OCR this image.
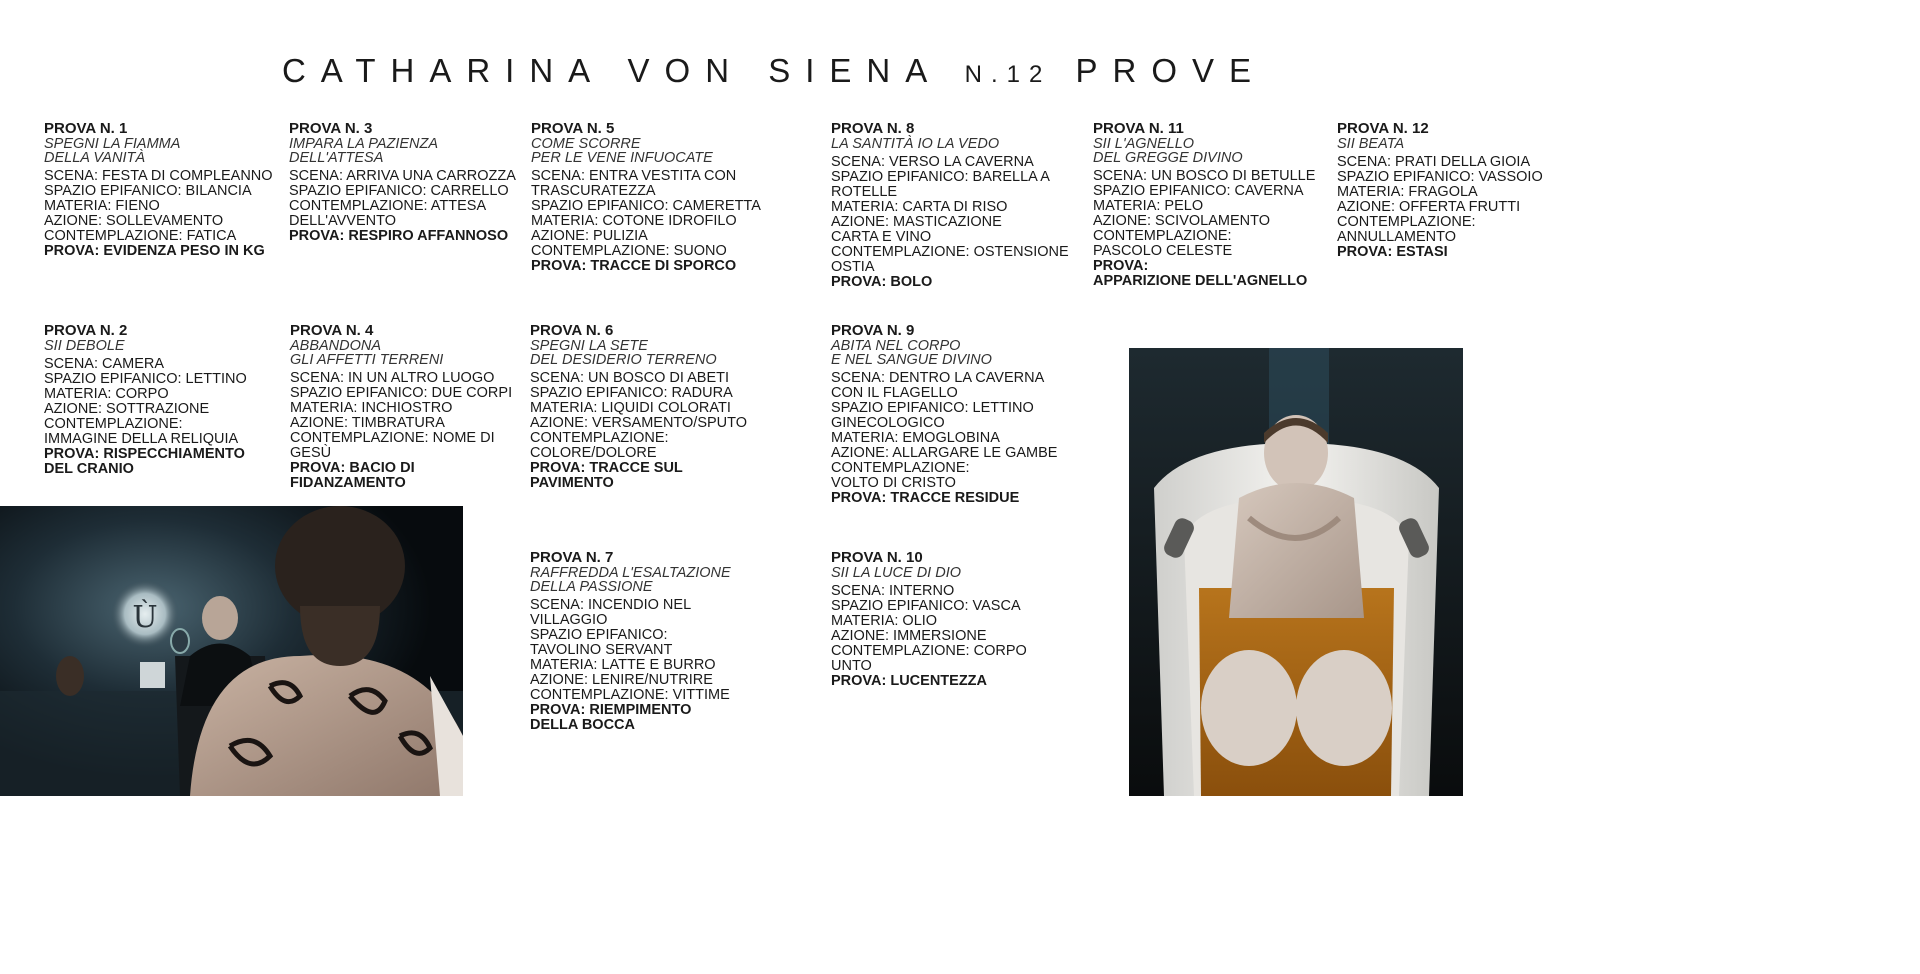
CATHARINA VON SIENA N.12 PROVE
PROVA N. 1
SPEGNI LA FIAMMA
DELLA VANITÀ
SCENA: FESTA DI COMPLEANNO
SPAZIO EPIFANICO: BILANCIA
MATERIA: FIENO
AZIONE: SOLLEVAMENTO
CONTEMPLAZIONE: FATICA
PROVA: EVIDENZA PESO IN KG
PROVA N. 2
SII DEBOLE
SCENA: CAMERA
SPAZIO EPIFANICO: LETTINO
MATERIA: CORPO
AZIONE: SOTTRAZIONE
CONTEMPLAZIONE:
IMMAGINE DELLA RELIQUIA
PROVA: RISPECCHIAMENTO
DEL CRANIO
PROVA N. 3
IMPARA LA PAZIENZA
DELL'ATTESA
SCENA: ARRIVA UNA CARROZZA
SPAZIO EPIFANICO: CARRELLO
CONTEMPLAZIONE: ATTESA
DELL'AVVENTO
PROVA: RESPIRO AFFANNOSO
PROVA N. 4
ABBANDONA
GLI AFFETTI TERRENI
SCENA: IN UN ALTRO LUOGO
SPAZIO EPIFANICO: DUE CORPI
MATERIA: INCHIOSTRO
AZIONE: TIMBRATURA
CONTEMPLAZIONE: NOME DI GESÙ
PROVA: BACIO DI FIDANZAMENTO
PROVA N. 5
COME SCORRE
PER LE VENE INFUOCATE
SCENA: ENTRA VESTITA CON
TRASCURATEZZA
SPAZIO EPIFANICO: CAMERETTA
MATERIA: COTONE IDROFILO
AZIONE: PULIZIA
CONTEMPLAZIONE: SUONO
PROVA: TRACCE DI SPORCO
PROVA N. 6
SPEGNI LA SETE
DEL DESIDERIO TERRENO
SCENA: UN BOSCO DI ABETI
SPAZIO EPIFANICO: RADURA
MATERIA: LIQUIDI COLORATI
AZIONE: VERSAMENTO/SPUTO
CONTEMPLAZIONE: COLORE/DOLORE
PROVA: TRACCE SUL PAVIMENTO
PROVA N. 7
RAFFREDDA L'ESALTAZIONE
DELLA PASSIONE
SCENA: INCENDIO NEL VILLAGGIO
SPAZIO EPIFANICO:
TAVOLINO SERVANT
MATERIA: LATTE E BURRO
AZIONE: LENIRE/NUTRIRE
CONTEMPLAZIONE: VITTIME
PROVA: RIEMPIMENTO
DELLA BOCCA
PROVA N. 8
LA SANTITÀ IO LA VEDO
SCENA: VERSO LA CAVERNA
SPAZIO EPIFANICO: BARELLA A
ROTELLE
MATERIA: CARTA DI RISO
AZIONE: MASTICAZIONE
CARTA E VINO
CONTEMPLAZIONE: OSTENSIONE
OSTIA
PROVA: BOLO
PROVA N. 9
ABITA NEL CORPO
E NEL SANGUE DIVINO
SCENA: DENTRO LA CAVERNA
CON IL FLAGELLO
SPAZIO EPIFANICO: LETTINO
GINECOLOGICO
MATERIA: EMOGLOBINA
AZIONE: ALLARGARE LE GAMBE
CONTEMPLAZIONE:
VOLTO DI CRISTO
PROVA: TRACCE RESIDUE
PROVA N. 10
SII LA LUCE DI DIO
SCENA: INTERNO
SPAZIO EPIFANICO: VASCA
MATERIA: OLIO
AZIONE: IMMERSIONE
CONTEMPLAZIONE: CORPO UNTO
PROVA: LUCENTEZZA
PROVA N. 11
SII L'AGNELLO
DEL GREGGE DIVINO
SCENA: UN BOSCO DI BETULLE
SPAZIO EPIFANICO: CAVERNA
MATERIA: PELO
AZIONE: SCIVOLAMENTO
CONTEMPLAZIONE:
PASCOLO CELESTE
PROVA:
APPARIZIONE DELL'AGNELLO
PROVA N. 12
SII BEATA
SCENA: PRATI DELLA GIOIA
SPAZIO EPIFANICO: VASSOIO
MATERIA: FRAGOLA
AZIONE: OFFERTA FRUTTI
CONTEMPLAZIONE:
ANNULLAMENTO
PROVA: ESTASI
Ù
